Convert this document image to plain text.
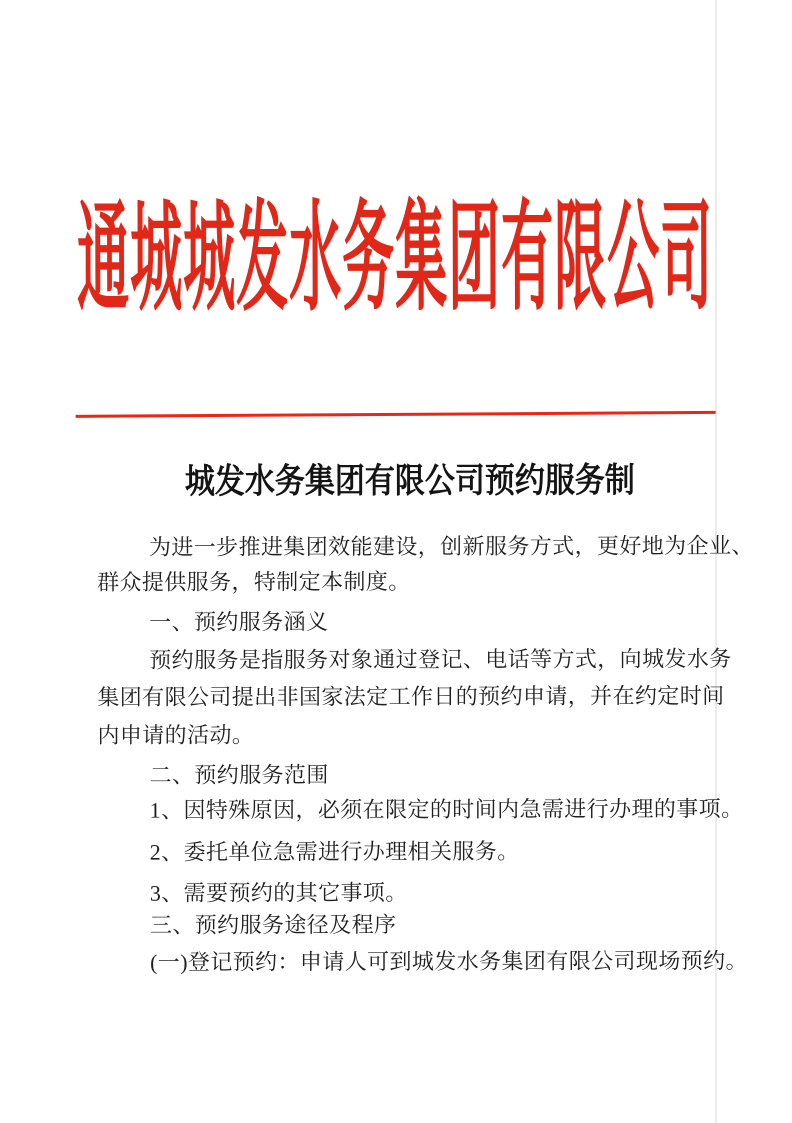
通城城发水务集团有限公司
城发水务集团有限公司预约服务制
为进一步推进集团效能建设，创新服务方式，更好地为企业、
群众提供服务，特制定本制度。
一、预约服务涵义
预约服务是指服务对象通过登记、电话等方式，向城发水务
集团有限公司提出非国家法定工作日的预约申请，并在约定时间
内申请的活动。
二、预约服务范围
1、因特殊原因，必须在限定的时间内急需进行办理的事项。
2、委托单位急需进行办理相关服务。
3、需要预约的其它事项。
三、预约服务途径及程序
(一)登记预约：申请人可到城发水务集团有限公司现场预约。
